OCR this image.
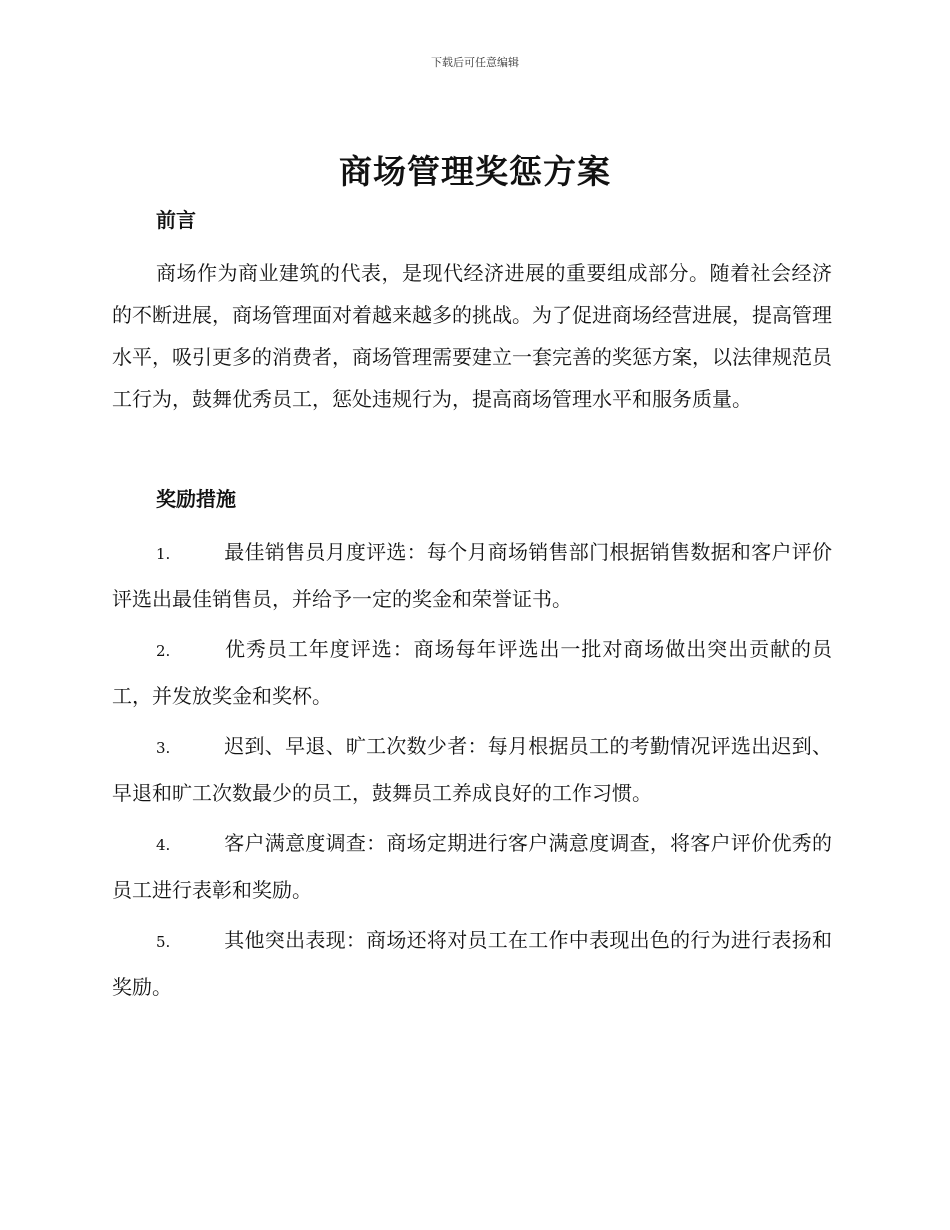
下载后可任意编辑
商场管理奖惩方案
前言
商场作为商业建筑的代表，是现代经济进展的重要组成部分。随着社会经济的不断进展，商场管理面对着越来越多的挑战。为了促进商场经营进展，提高管理水平，吸引更多的消费者，商场管理需要建立一套完善的奖惩方案，以法律规范员工行为，鼓舞优秀员工，惩处违规行为，提高商场管理水平和服务质量。
奖励措施
1.	最佳销售员月度评选：每个月商场销售部门根据销售数据和客户评价评选出最佳销售员，并给予一定的奖金和荣誉证书。
2.	优秀员工年度评选：商场每年评选出一批对商场做出突出贡献的员工，并发放奖金和奖杯。
3.	迟到、早退、旷工次数少者：每月根据员工的考勤情况评选出迟到、早退和旷工次数最少的员工，鼓舞员工养成良好的工作习惯。
4.	客户满意度调查：商场定期进行客户满意度调查，将客户评价优秀的员工进行表彰和奖励。
5.	其他突出表现：商场还将对员工在工作中表现出色的行为进行表扬和奖励。
